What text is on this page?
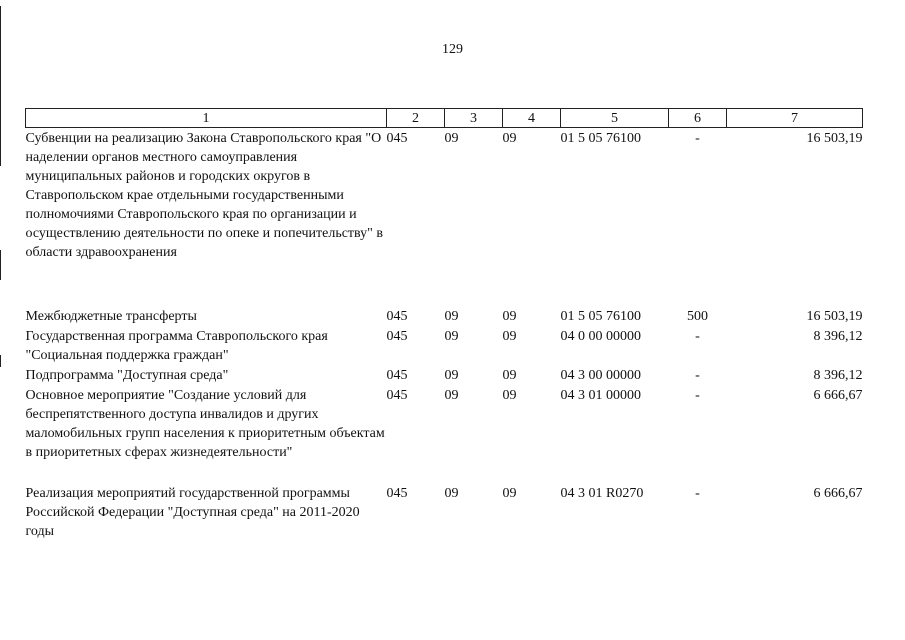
129
1	2	3	4	5	6	7
Субвенции на реализацию Закона Ставропольского края "О наделении органов местного самоуправления муниципальных районов и городских округов в Ставропольском крае отдельными государственными полномочиями Ставропольского края по организации и осуществлению деятельности по опеке и попечительству" в области здравоохранения	045	09	09	01 5 05 76100	-	16 503,19
Межбюджетные трансферты	045	09	09	01 5 05 76100	500	16 503,19
Государственная программа Ставропольского края "Социальная поддержка граждан"	045	09	09	04 0 00 00000	-	8 396,12
Подпрограмма "Доступная среда"	045	09	09	04 3 00 00000	-	8 396,12
Основное мероприятие "Создание условий для беспрепятственного доступа инвалидов и других маломобильных групп населения к приоритетным объектам в приоритетных сферах жизнедеятельности"	045	09	09	04 3 01 00000	-	6 666,67
Реализация мероприятий государственной программы Российской Федерации "Доступная среда" на 2011-2020 годы	045	09	09	04 3 01 R0270	-	6 666,67
